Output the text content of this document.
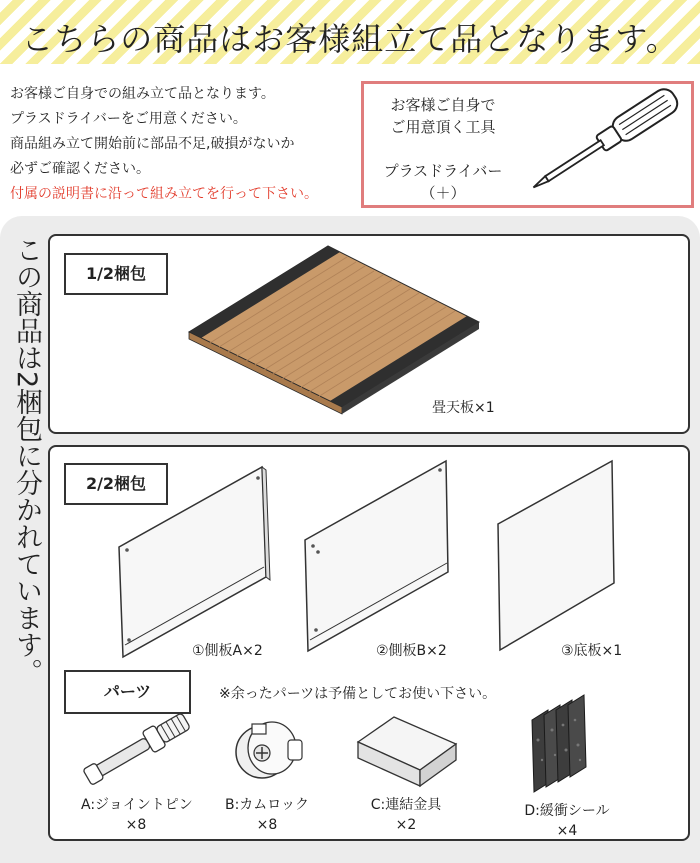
こちらの商品はお客様組立て品となります。

お客様ご自身での組み立て品となります。

プラスドライバーをご用意ください。

商品組み立て開始前に部品不足,破損がないか

必ずご確認ください。

付属の説明書に沿って組み立てを行って下さい。

お客様ご自身で
ご用意頂く工具
プラスドライバー
（＋）
この商品は2梱包に分かれています。	1/2梱包
畳天板×1
2/2梱包
①側板A×2	②側板B×2	③底板×1
パーツ	※余ったパーツは予備としてお使い下さい。
A:ジョイントピン
×8
B:カムロック
×8
C:連結金具
×2
D:緩衝シール
×4
